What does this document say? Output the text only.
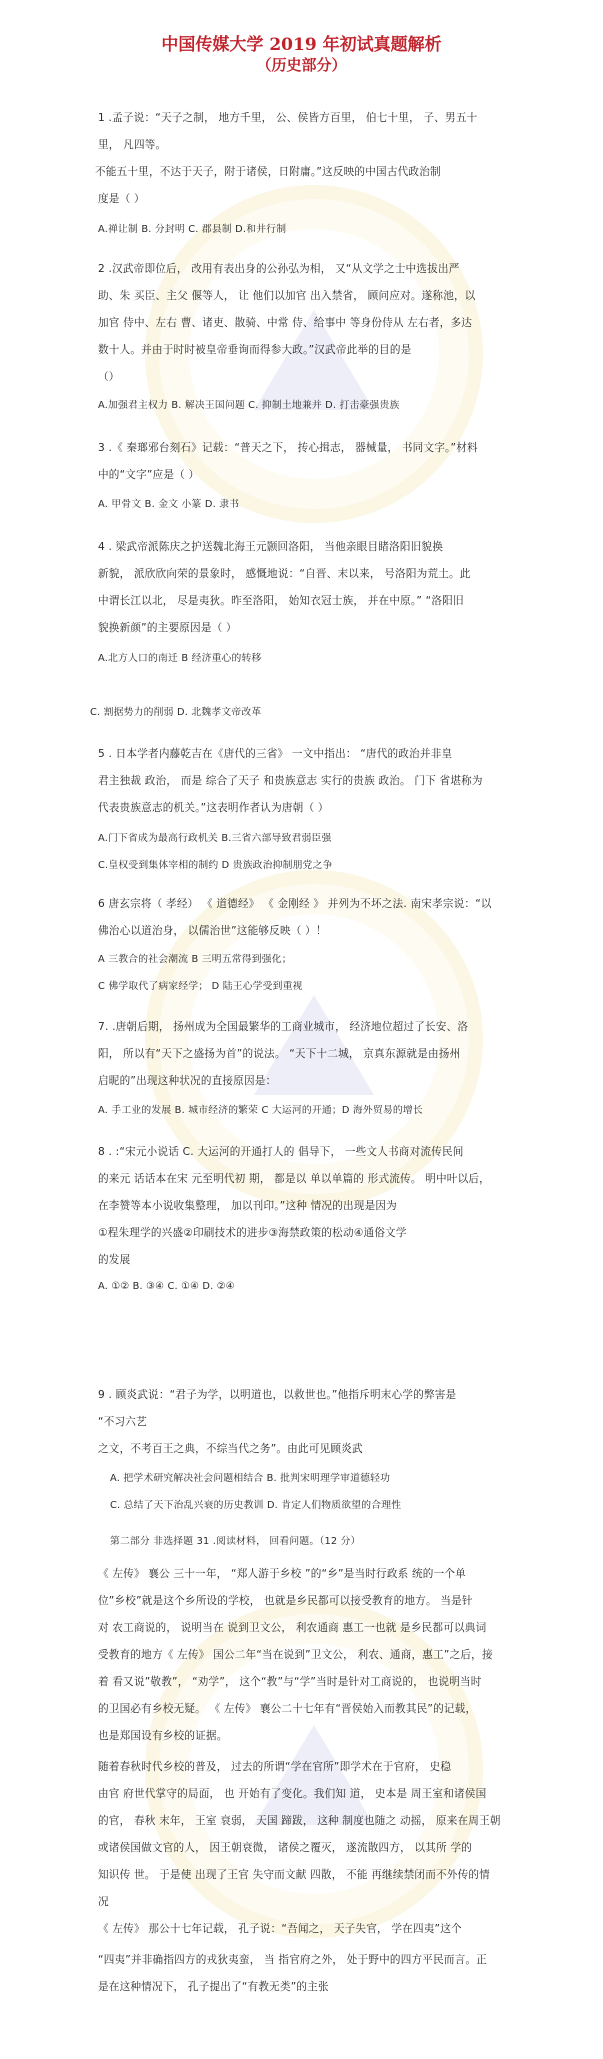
中国传媒大学 2019 年初试真题解析
（历史部分）
1 .孟子说：“天子之制， 地方千里， 公、侯皆方百里， 伯七十里， 子、男五十
里， 凡四等。
不能五十里，不达于天子，附于诸侯，日附庸。”这反映的中国古代政治制
度是（ ）
A.禅让制 B. 分封明 C. 郡县制 D.和井行制
2 .汉武帝即位后， 改用有表出身的公孙弘为相， 又“从文学之士中选拔出严
助、朱 买臣、主父 偃等人， 让 他们以加官 出入禁省， 顾问应对。遂称池，以
加官 侍中、左右 曹、诸吏、散骑、中常 侍、给事中 等身份侍从 左右者，多达
数十人。并由于时时被皇帝垂询而得参大政。”汉武帝此举的目的是
（）
A.加强君主权力 B. 解决王国问题 C. 抑制土地兼并 D. 打击豪强贵族
3 .《 秦瑯邪台刻石》记载：“普天之下， 抟心揖志， 器械量， 书同文字。”材料
中的“文字”应是（ ）
A. 甲骨文 B. 金文 小篆 D. 隶书
4 . 梁武帝派陈庆之护送魏北海王元颢回洛阳， 当他亲眼目睹洛阳旧貌换
新貌， 派欣欣向荣的景象时， 感慨地说：“自晋、末以来， 号洛阳为荒土。此
中谓长江以北， 尽是夷狄。昨至洛阳， 始知衣冠士族， 并在中原。” “洛阳旧
貌换新颜”的主要原因是（ ）
A.北方人口的南迁 B 经济重心的转移
C. 割据势力的削弱 D. 北魏孝文帝改革
5 . 日本学者内藤乾吉在《唐代的三省》 一文中指出： “唐代的政治并非皇
君主独裁 政治， 而是 综合了天子 和贵族意志 实行的贵族 政治。 门下 省堪称为
代表贵族意志的机关。”这表明作者认为唐朝（ ）
A.门下省成为最高行政机关 B.三省六部导致君弱臣强
C.皇权受到集体宰相的制约 D 贵族政治抑制朋党之争
6 唐玄宗将（ 孝经） 《 道德经》 《 金刚经 》 并列为不坏之法. 南宋孝宗说：“以
佛治心以道治身， 以儒治世”这能够反映（ ）！
A 三教合的社会潮流 B 三明五常得到强化；
C 佛学取代了病家经学； D 陆王心学受到重视
7. .唐朝后期， 扬州成为全国最繁华的工商业城市， 经济地位超过了长安、洛
阳， 所以有“天下之盛扬为首”的说法。 “天下十二城， 京真东源就是由扬州
启昵的”出现这种状况的直接原因是：
A. 手工业的发展 B. 城市经济的繁荣 C 大运河的开通；D 海外贸易的增长
8 . :“宋元小说话 C. 大运河的开通打人的 倡导下， 一些文人书商对流传民间
的来元 话话本在宋 元至明代初 期， 都是以 单以单篇的 形式流传。 明中叶以后，
在李赞等本小说收集整理， 加以刊印。”这种 情况的出现是因为
①程朱理学的兴盛②印刷技术的进步③海禁政策的松动④通俗文学
的发展
A. ①② B. ③④ C. ①④ D. ②④
9 . 顾炎武说：“君子为学，以明道也，以救世也。”他指斥明末心学的弊害是
“不习六艺
之文，不考百王之典，不综当代之务”。由此可见顾炎武
A. 把学术研究解决社会问题相结合 B. 批判宋明理学审道德轻功
C. 总结了天下治乱兴衰的历史教训 D. 肯定人们物质欲望的合理性
第二部分 非选择题 31 .阅读材料， 回看问题。（12 分）
《 左传》 襄公 三十一年， “郑人游于乡校 ”的“乡”是当时行政系 统的一个单
位”乡校”就是这个乡所设的学校， 也就是乡民都可以接受教育的地方。 当是针
对 农工商说的， 说明当在 说到卫文公， 利农通商 惠工一也就 是乡民都可以典词
受教育的地方《 左传》 国公二年“当在说到”卫文公， 利农、通商，惠工”之后，接
着 看又说”敬教”， “劝学”， 这个“教”与“学”当时是针对工商说的， 也说明当时
的卫国必有乡校无疑。 《 左传》 襄公二十七年有“晋侯始入而教其民”的记载，
也是郑国设有乡校的证据。
随着春秋时代乡校的普及， 过去的所谓“学在官所”即学术在于官府， 史稳
由官 府世代掌守的局面， 也 开始有了变化。我们知 道， 史本是 周王室和诸侯国
的官， 春秋 末年， 王室 衰弱， 天国 蹄跋， 这种 制度也随之 动摇， 原来在周王朝
或诸侯国做文官的人， 因王朝衰微， 诸侯之覆灭， 遂流散四方， 以其所 学的
知识传 世。 于是使 出现了王官 失守而文献 四散， 不能 再继续禁闭而不外传的情
况
《 左传》 那公十七年记载， 孔子说：“吾闻之， 天子失官， 学在四夷”这个
“四夷”并非确指四方的戎狄夷蛮， 当 指官府之外， 处于野中的四方平民而言。正
是在这种情况下， 孔子提出了“有教无类”的主张
